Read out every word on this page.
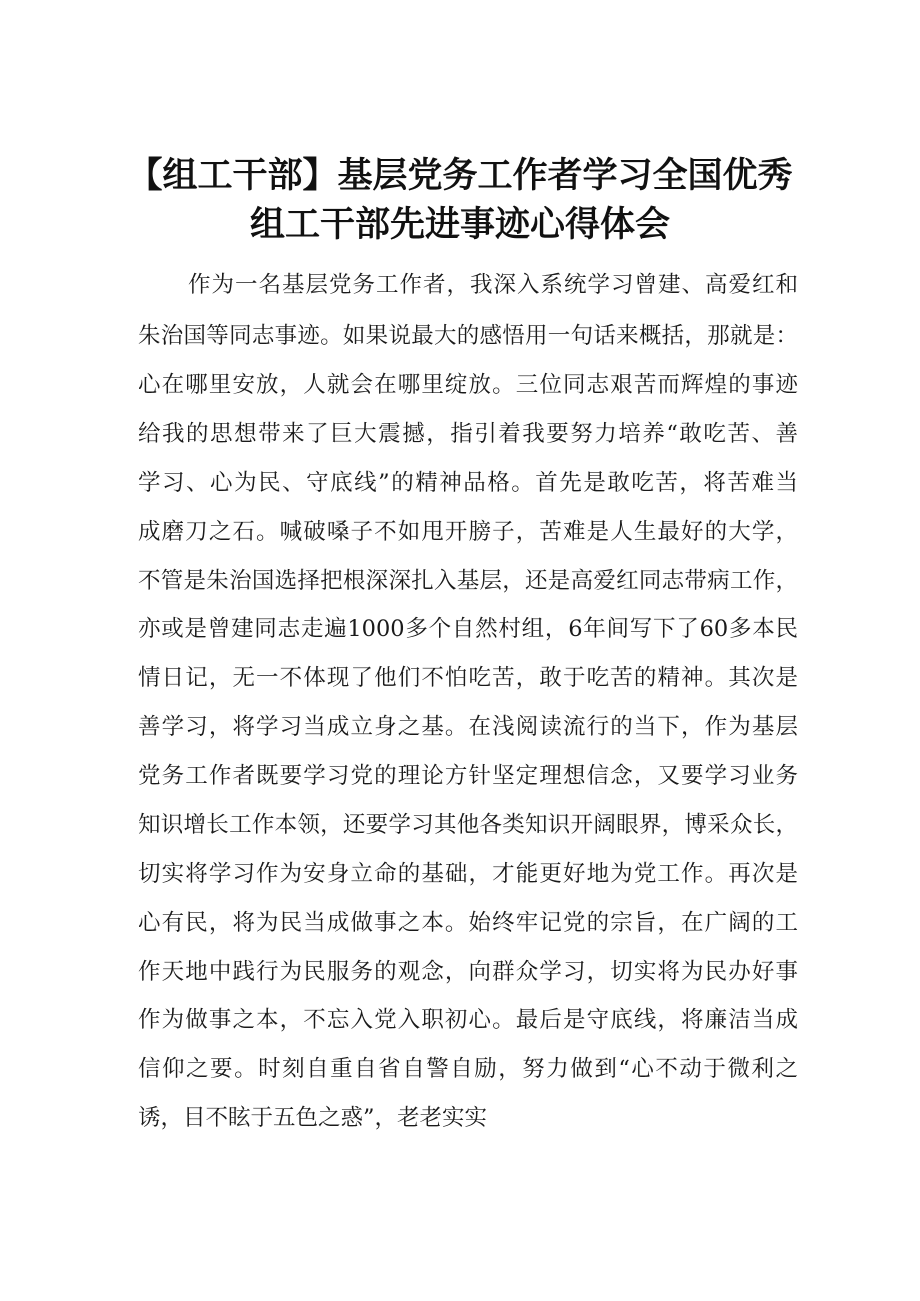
【组工干部】基层党务工作者学习全国优秀
组工干部先进事迹心得体会
作为一名基层党务工作者，我深入系统学习曾建、高爱红和
朱治国等同志事迹。如果说最大的感悟用一句话来概括，那就是：
心在哪里安放，人就会在哪里绽放。三位同志艰苦而辉煌的事迹
给我的思想带来了巨大震撼，指引着我要努力培养“敢吃苦、善
学习、心为民、守底线”的精神品格。首先是敢吃苦，将苦难当
成磨刀之石。喊破嗓子不如甩开膀子，苦难是人生最好的大学，
不管是朱治国选择把根深深扎入基层，还是高爱红同志带病工作，
亦或是曾建同志走遍1000多个自然村组，6年间写下了60多本民
情日记，无一不体现了他们不怕吃苦，敢于吃苦的精神。其次是
善学习，将学习当成立身之基。在浅阅读流行的当下，作为基层
党务工作者既要学习党的理论方针坚定理想信念，又要学习业务
知识增长工作本领，还要学习其他各类知识开阔眼界，博采众长，
切实将学习作为安身立命的基础，才能更好地为党工作。再次是
心有民，将为民当成做事之本。始终牢记党的宗旨，在广阔的工
作天地中践行为民服务的观念，向群众学习，切实将为民办好事
作为做事之本，不忘入党入职初心。最后是守底线，将廉洁当成
信仰之要。时刻自重自省自警自励，努力做到“心不动于微利之
诱，目不眩于五色之惑”，老老实实
